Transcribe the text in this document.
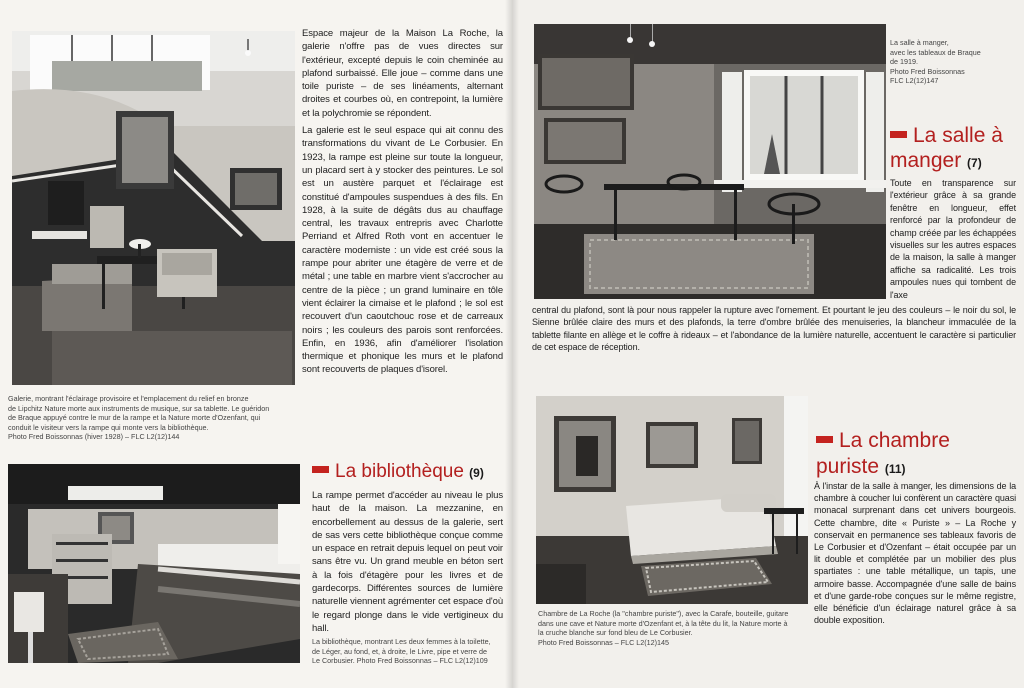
Espace majeur de la Maison La Roche, la galerie n'offre pas de vues directes sur l'extérieur, excepté depuis le coin cheminée au plafond surbaissé. Elle joue – comme dans une toile puriste – de ses linéaments, alternant droites et courbes où, en contrepoint, la lumière et la polychromie se répondent.

La galerie est le seul espace qui ait connu des transformations du vivant de Le Corbusier. En 1923, la rampe est pleine sur toute la longueur, un placard sert à y stocker des peintures. Le sol est un austère parquet et l'éclairage est constitué d'ampoules suspendues à des fils. En 1928, à la suite de dégâts dus au chauffage central, les travaux entrepris avec Charlotte Perriand et Alfred Roth vont en accentuer le caractère moderniste : un vide est créé sous la rampe pour abriter une étagère de verre et de métal ; une table en marbre vient s'accrocher au centre de la pièce ; un grand luminaire en tôle vient éclairer la cimaise et le plafond ; le sol est recouvert d'un caoutchouc rose et de carreaux noirs ; les couleurs des parois sont renforcées. Enfin, en 1936, afin d'améliorer l'isolation thermique et phonique les murs et le plafond sont recouverts de plaques d'isorel.

Galerie, montrant l'éclairage provisoire et l'emplacement du relief en bronze
de Lipchitz Nature morte aux instruments de musique, sur sa tablette. Le guéridon
de Braque appuyé contre le mur de la rampe et la Nature morte d'Ozenfant, qui
conduit le visiteur vers la rampe qui monte vers la bibliothèque.
Photo Fred Boissonnas (hiver 1928) – FLC L2(12)144
La bibliothèque (9)

La rampe permet d'accéder au niveau le plus haut de la maison. La mezzanine, en encorbellement au dessus de la galerie, sert de sas vers cette bibliothèque conçue comme un espace en retrait depuis lequel on peut voir sans être vu. Un grand meuble en béton sert à la fois d'étagère pour les livres et de gardecorps. Différentes sources de lumière naturelle viennent agrémenter cet espace d'où le regard plonge dans le vide vertigineux du hall.

La bibliothèque, montrant Les deux femmes à la toilette,
de Léger, au fond, et, à droite, le Livre, pipe et verre de
Le Corbusier. Photo Fred Boissonnas – FLC L2(12)109
La salle à manger,
avec les tableaux de Braque
de 1919.
Photo Fred Boissonnas
FLC L2(12)147
La salle à
manger (7)

Toute en transparence sur l'extérieur grâce à sa grande fenêtre en longueur, effet renforcé par la profondeur de champ créée par les échappées visuelles sur les autres espaces de la maison, la salle à manger affiche sa radicalité. Les trois ampoules nues qui tombent de l'axe

central du plafond, sont là pour nous rappeler la rupture avec l'ornement. Et pourtant le jeu des couleurs – le noir du sol, le Sienne brûlée claire des murs et des plafonds, la terre d'ombre brûlée des menuiseries, la blancheur immaculée de la tablette filante en allège et le coffre à rideaux – et l'abondance de la lumière naturelle, accentuent le caractère si particulier de cet espace de réception.

Chambre de La Roche (la "chambre puriste"), avec la Carafe, bouteille, guitare
dans une cave et Nature morte d'Ozenfant et, à la tête du lit, la Nature morte à
la cruche blanche sur fond bleu de Le Corbusier.
Photo Fred Boissonnas – FLC L2(12)145
La chambre
puriste (11)

À l'instar de la salle à manger, les dimensions de la chambre à coucher lui confèrent un caractère quasi monacal surprenant dans cet univers bourgeois. Cette chambre, dite « Puriste » – La Roche y conservait en permanence ses tableaux favoris de Le Corbusier et d'Ozenfant – était occupée par un lit double et complétée par un mobilier des plus spartiates : une table métallique, un tapis, une armoire basse. Accompagnée d'une salle de bains et d'une garde-robe conçues sur le même registre, elle bénéficie d'un éclairage naturel grâce à sa double exposition.
